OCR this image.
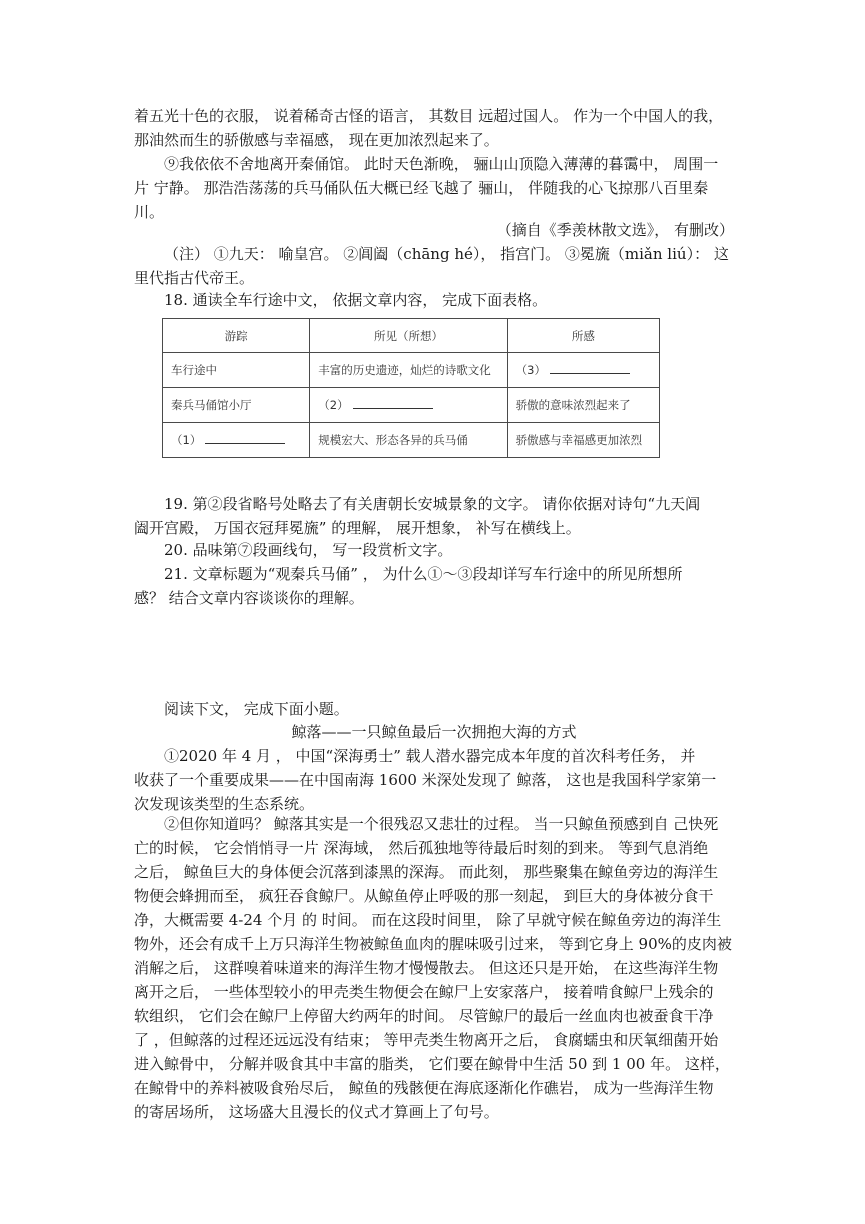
着五光十色的衣服， 说着稀奇古怪的语言， 其数目 远超过国人。 作为一个中国人的我，
那油然而生的骄傲感与幸福感， 现在更加浓烈起来了。
⑨我依依不舍地离开秦俑馆。 此时天色渐晚， 骊山山顶隐入薄薄的暮霭中， 周围一
片 宁静。 那浩浩荡荡的兵马俑队伍大概已经飞越了 骊山， 伴随我的心飞掠那八百里秦
川。
（摘自《季羡林散文选》， 有删改）
（注） ①九天： 喻皇宫。 ②阊阖（chāng hé）， 指宫门。 ③冕旒（miǎn liú）： 这
里代指古代帝王。
18. 通读全车行途中文， 依据文章内容， 完成下面表格。
游踪	所见（所想）	所感
车行途中	丰富的历史遗迹，灿烂的诗歌文化	（3）
秦兵马俑馆小厅	（2）	骄傲的意味浓烈起来了
（1）	规模宏大、形态各异的兵马俑	骄傲感与幸福感更加浓烈
19. 第②段省略号处略去了有关唐朝长安城景象的文字。 请你依据对诗句“九天阊
阖开宫殿， 万国衣冠拜冕旒” 的理解， 展开想象， 补写在横线上。
20. 品味第⑦段画线句， 写一段赏析文字。
21. 文章标题为“观秦兵马俑” ， 为什么①～③段却详写车行途中的所见所想所
感？ 结合文章内容谈谈你的理解。
阅读下文， 完成下面小题。
鲸落——一只鲸鱼最后一次拥抱大海的方式
①2020 年 4 月 ， 中国“深海勇士” 载人潜水器完成本年度的首次科考任务， 并
收获了一个重要成果——在中国南海 1600 米深处发现了 鲸落， 这也是我国科学家第一
次发现该类型的生态系统。
②但你知道吗？ 鲸落其实是一个很残忍又悲壮的过程。 当一只鲸鱼预感到自 己快死
亡的时候， 它会悄悄寻一片 深海域， 然后孤独地等待最后时刻的到来。 等到气息消绝
之后， 鲸鱼巨大的身体便会沉落到漆黑的深海。 而此刻， 那些聚集在鲸鱼旁边的海洋生
物便会蜂拥而至， 疯狂吞食鲸尸。从鲸鱼停止呼吸的那一刻起， 到巨大的身体被分食干
净，大概需要 4-24 个月 的 时间。 而在这段时间里， 除了早就守候在鲸鱼旁边的海洋生
物外，还会有成千上万只海洋生物被鲸鱼血肉的腥味吸引过来， 等到它身上 90%的皮肉被
消解之后， 这群嗅着味道来的海洋生物才慢慢散去。 但这还只是开始， 在这些海洋生物
离开之后， 一些体型较小的甲壳类生物便会在鲸尸上安家落户， 接着啃食鲸尸上残余的
软组织， 它们会在鲸尸上停留大约两年的时间。 尽管鲸尸的最后一丝血肉也被蚕食干净
了 ，但鲸落的过程还远远没有结束； 等甲壳类生物离开之后， 食腐蠕虫和厌氧细菌开始
进入鲸骨中， 分解并吸食其中丰富的脂类， 它们要在鲸骨中生活 50 到 1 00 年。 这样，
在鲸骨中的养料被吸食殆尽后， 鲸鱼的残骸便在海底逐渐化作礁岩， 成为一些海洋生物
的寄居场所， 这场盛大且漫长的仪式才算画上了句号。
